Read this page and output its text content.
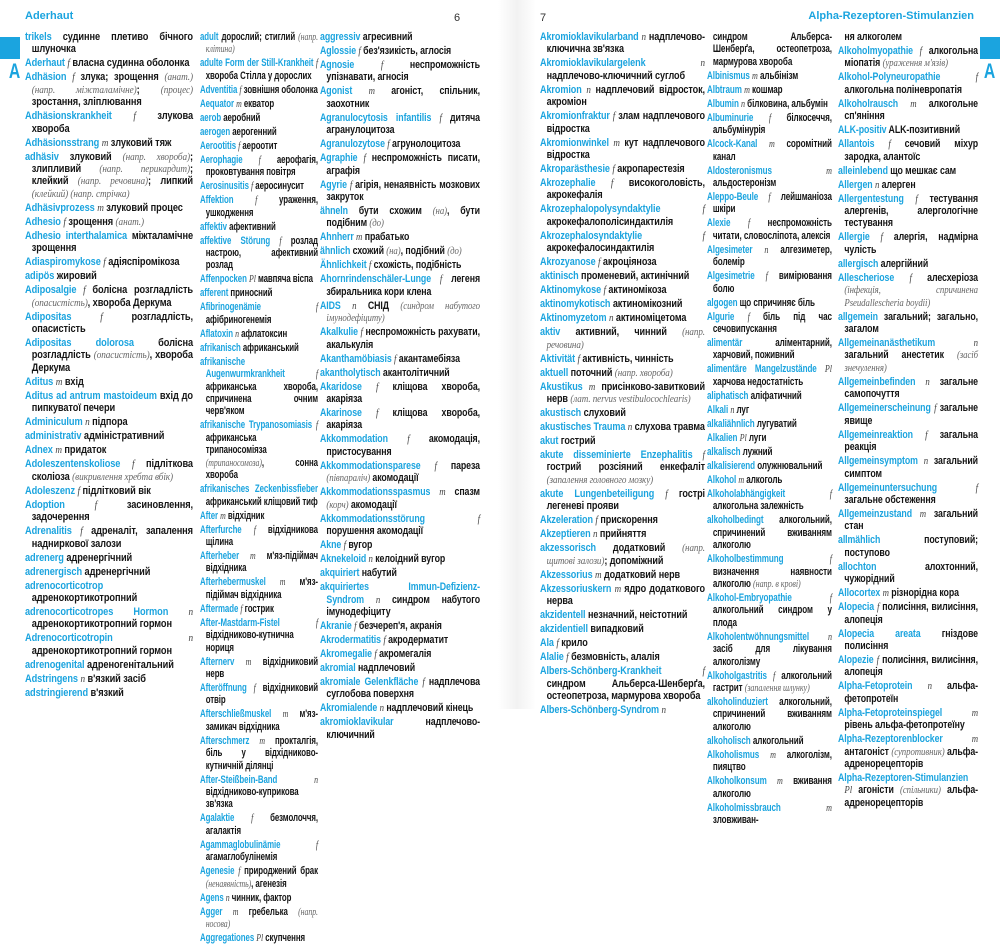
Aderhaut	6
A
7	Alpha-Rezeptoren-Stimulanzien
A
trikels судинне плетиво бічного шлуночка
Aderhaut f власна судинна оболонка
Adhäsion f злука; зрощення (анат.) (напр. міжталамічне); (процес) зростання, зліплювання
Adhäsionskrankheit f злукова хвороба
Adhäsionsstrang m злуковий тяж
adhäsiv злуковий (напр. хвороба); злипливий (напр. перикардит); клейкий (напр. речовина); липкий (клейкий) (напр. стрічка)
Adhäsivprozess m злуковий процес
Adhesio f зрощення (анат.)
Adhesio interthalamica міжталамічне зрощення
Adiaspiromykose f адіяспіромікоза
adipös жировий
Adiposalgie f болісна розгладлість (опасистість), хвороба Деркума
Adipositas	f	розгладлість, опасистість
Adipositas dolorosa болісна розгладлість (опасистість), хвороба Деркума
Aditus m вхід
Aditus ad antrum mastoideum вхід до пипкуватої печери
Adminiculum n підпора
administrativ адміністративний
Adnex m придаток
Adoleszentenskoliose f підліткова сколіоза (викривлення хребта вбік)
Adoleszenz f підлітковий вік
Adoption	f	засиновлення, задочерення
Adrenalitis f адреналіт, запалення надниркової залози
adrenerg адренергічний
adrenergisch адренергічний
adrenocorticotrop адренокортикотропний
adrenocorticotropes Hormon n адренокортикотропний гормон
Adrenocorticotropin	n адренокортикотропний гормон
adrenogenital адреногенітальний
Adstringens n в'язкий засіб
adstringierend в'язкий
adult дорослий; стиглий (напр. клітина)
adulte Form der Still-Krankheit f хвороба Стілла у дорослих
Adventitia f зовнішня оболонка
Aequator m екватор
aerob аеробний
aerogen аерогенний
Aerootitis f аероотит
Aerophagie f аерофагія, проковтування повітря
Aerosinusitis f аеросинусит
Affektion f ураження, ушкодження
affektiv афективний
affektive Störung f розлад настрою, афективний розлад
Affenpocken Pl мавпяча віспа
afferent приносний
Afibrinogenämie	f афібриногенемія
Aflatoxin n афлатоксин
afrikanisch африканський
afrikanische Augenwurmkrankheit	f африканська хвороба, спричинена очним черв'яком
afrikanische Trypanosomiasis f африканська трипаносоміяза (трипаносомоза), сонна хвороба
afrikanisches Zeckenbissfieber африканський кліщовий тиф
After m відхідник
Afterfurche f відхідникова щілина
Afterheber m м'яз-підіймач відхідника
Afterhebermuskel m м'яз-підіймач відхідника
Aftermade f гострик
After-Mastdarm-Fistel	f відхідниково-кутнична нориця
Afternerv m відхідниковий нерв
Afteröffnung f відхідниковий отвір
Afterschließmuskel m м'яз-замикач відхідника
Afterschmerz m прокталгія, біль у відхідниково-кутничній ділянці
After-Steißbein-Band	n відхідниково-куприкова зв'язка
Agalaktie f безмолоччя, агалактія
Agammaglobulinämie	f агамаглобулінемія
Agenesie f природжений брак (ненаявність), агенезія
Agens n чинник, фактор
Agger m гребелька (напр. носова)
Aggregationes Pl скупчення
aggressiv агресивний
Aglossie f без'язикість, аглосія
Agnosie f неспроможність упізнавати, агносія
Agonist m агоніст, спільник, заохотник
Agranulocytosis infantilis f дитяча агранулоцитоза
Agranulozytose f агрунолоцитоза
Agraphie f неспроможність писати, аграфія
Agyrie f агірія, ненаявність мозкових закруток
ähneln бути схожим (на), бути подібним (до)
Ahnherr m прабатько
ähnlich схожий (на), подібний (до)
Ähnlichkeit f схожість, подібність
Ahornrindenschäler-Lunge f легеня збиральника кори клена
AIDS n СНІД (синдром набутого імунодефіциту)
Akalkulie f неспроможність рахувати, акалькулія
Akanthamöbiasis f акантамебіяза
akantholytisch акантолітичний
Akaridose f кліщова хвороба, акаріяза
Akarinose f кліщова хвороба, акаріяза
Akkommodation f акомодація, пристосування
Akkommodationsparese f пареза (півпараліч) акомодації
Akkommodationsspasmus m спазм (корч) акомодації
Akkommodationsstörung	f порушення акомодації
Akne f вугор
Aknekeloid n келоідний вугор
akquiriert набутий
akquiriertes Immun-Defizienz-Syndrom n синдром набутого імунодефіциту
Akranie f безчереп'я, акранія
Akrodermatitis f акродерматит
Akromegalie f акромегалія
akromial надплечовий
akromiale Gelenkfläche f надплечова суглобова поверхня
Akromialende n надплечовий кінець
akromioklavikular	надплечово-ключичний
Akromioklavikularband n надплечово-ключична зв'язка
Akromioklavikulargelenk	n надплечово-ключичний суглоб
Akromion n надплечовий відросток, акроміон
Akromionfraktur f злам надплечового відростка
Akromionwinkel m кут надплечового відростка
Akroparästhesie f акропарестезія
Akrozephalie f високоголовість, акрокефалія
Akrozephalopolysyndaktylie	f акрокефалополісиндактилія
Akrozephalosyndaktylie	f акрокефалосиндактилія
Akrozyanose f акроціяноза
aktinisch променевий, актинічний
Aktinomykose f актиномікоза
aktinomykotisch актиномікозний
Aktinomyzetom n актиноміцетома
aktiv активний, чинний (напр. речовина)
Aktivität f активність, чинність
aktuell поточний (напр. хвороба)
Akustikus m присінково-завитковий нерв (лат. nervus vestibulocochlearis)
akustisch слуховий
akustisches Trauma n слухова травма
akut гострий
akute disseminierte Enzephalitis f гострий розсіяний енкефаліт (запалення головного мозку)
akute Lungenbeteiligung f гострі легеневі прояви
Akzeleration f прискорення
Akzeptieren n прийняття
akzessorisch додатковий (напр. щитові залози); допоміжний
Akzessorius m додатковий нерв
Akzessoriuskern m ядро додаткового нерва
akzidentell незначний, неістотний
akzidentiell випадковий
Ala f крило
Alalie f безмовність, алалія
Albers-Schönberg-Krankheit	f синдром Альберса-Шенберґа, остеопетроза, мармурова хвороба
Albers-Schönberg-Syndrom n
синдром Альберса-Шенберґа, остеопетроза, мармурова хвороба
Albinismus m альбінізм
Albtraum m кошмар
Albumin n білковина, альбумін
Albuminurie f білкосеччя, альбумінурія
Alcock-Kanal m соромітний канал
Aldosteronismus	m альдостеронізм
Aleppo-Beule f лейшманіоза шкіри
Alexie f неспроможність читати, словосліпота, алексія
Algesimeter n алгезиметер, болемір
Algesimetrie f вимірювання болю
algogen що спричиняє біль
Algurie f біль під час сечовипускання
alimentär	аліментарний, харчовий, поживний
alimentäre Mangelzustände Pl харчова недостатність
aliphatisch аліфатичний
Alkali n луг
alkaliähnlich лугуватий
Alkalien Pl луги
alkalisch лужний
alkalisierend олужнювальний
Alkohol m алкоголь
Alkoholabhängigkeit	f алкогольна залежність
alkoholbedingt алкогольний, спричинений вживанням алкоголю
Alkoholbestimmung	f визначення наявности алкоголю (напр. в крові)
Alkohol-Embryopathie	f алкогольний синдром у плода
Alkoholentwöhnungsmittel n засіб для лікування алкоголізму
Alkoholgastritis f алкогольний гастрит (запалення шлунку)
alkoholinduziert алкогольний, спричинений вживанням алкоголю
alkoholisch алкогольний
Alkoholismus m алкоголізм, пияцтво
Alkoholkonsum m вживання алкоголю
Alkoholmissbrauch	m зловживан-
ня алкоголем
Alkoholmyopathie f алкогольна міопатія (ураження м'язів)
Alkohol-Polyneuropathie	f алкогольна поліневропатія
Alkoholrausch m алкогольне сп'яніння
ALK-positiv ALK-позитивний
Allantois f сечовий міхур зародка, алантоїс
alleinlebend що мешкає сам
Allergen n алерген
Allergentestung f тестування алергенів, алергологічне тестування
Allergie f алергія, надмірна чулість
allergisch алергійний
Allescheriose f алесхеріоза (інфекція, спричинена Pseudallescheria boydii)
allgemein загальний; загально, загалом
Allgemeinanästhetikum	n загальний анестетик (засіб знечулення)
Allgemeinbefinden n загальне самопочуття
Allgemeinerscheinung f загальне явище
Allgemeinreaktion f загальна реакція
Allgemeinsymptom n загальний симптом
Allgemeinuntersuchung	f загальне обстеження
Allgemeinzustand m загальний стан
allmählich	поступовий; поступово
allochton	алохтонний, чужорідний
Allocortex m різнорідна кора
Alopecia f полисіння, вилисіння, алопеція
Alopecia areata гніздове полисіння
Alopezie f полисіння, вилисіння, алопеція
Alpha-Fetoprotein n альфа-фетопротеїн
Alpha-Fetoproteinspiegel	m рівень альфа-фетопротеїну
Alpha-Rezeptorenblocker	m антагоніст (супротивник) альфа-адренорецепторів
Alpha-Rezeptoren-Stimulanzien Pl агоністи (спільники) альфа-адренорецепторів
